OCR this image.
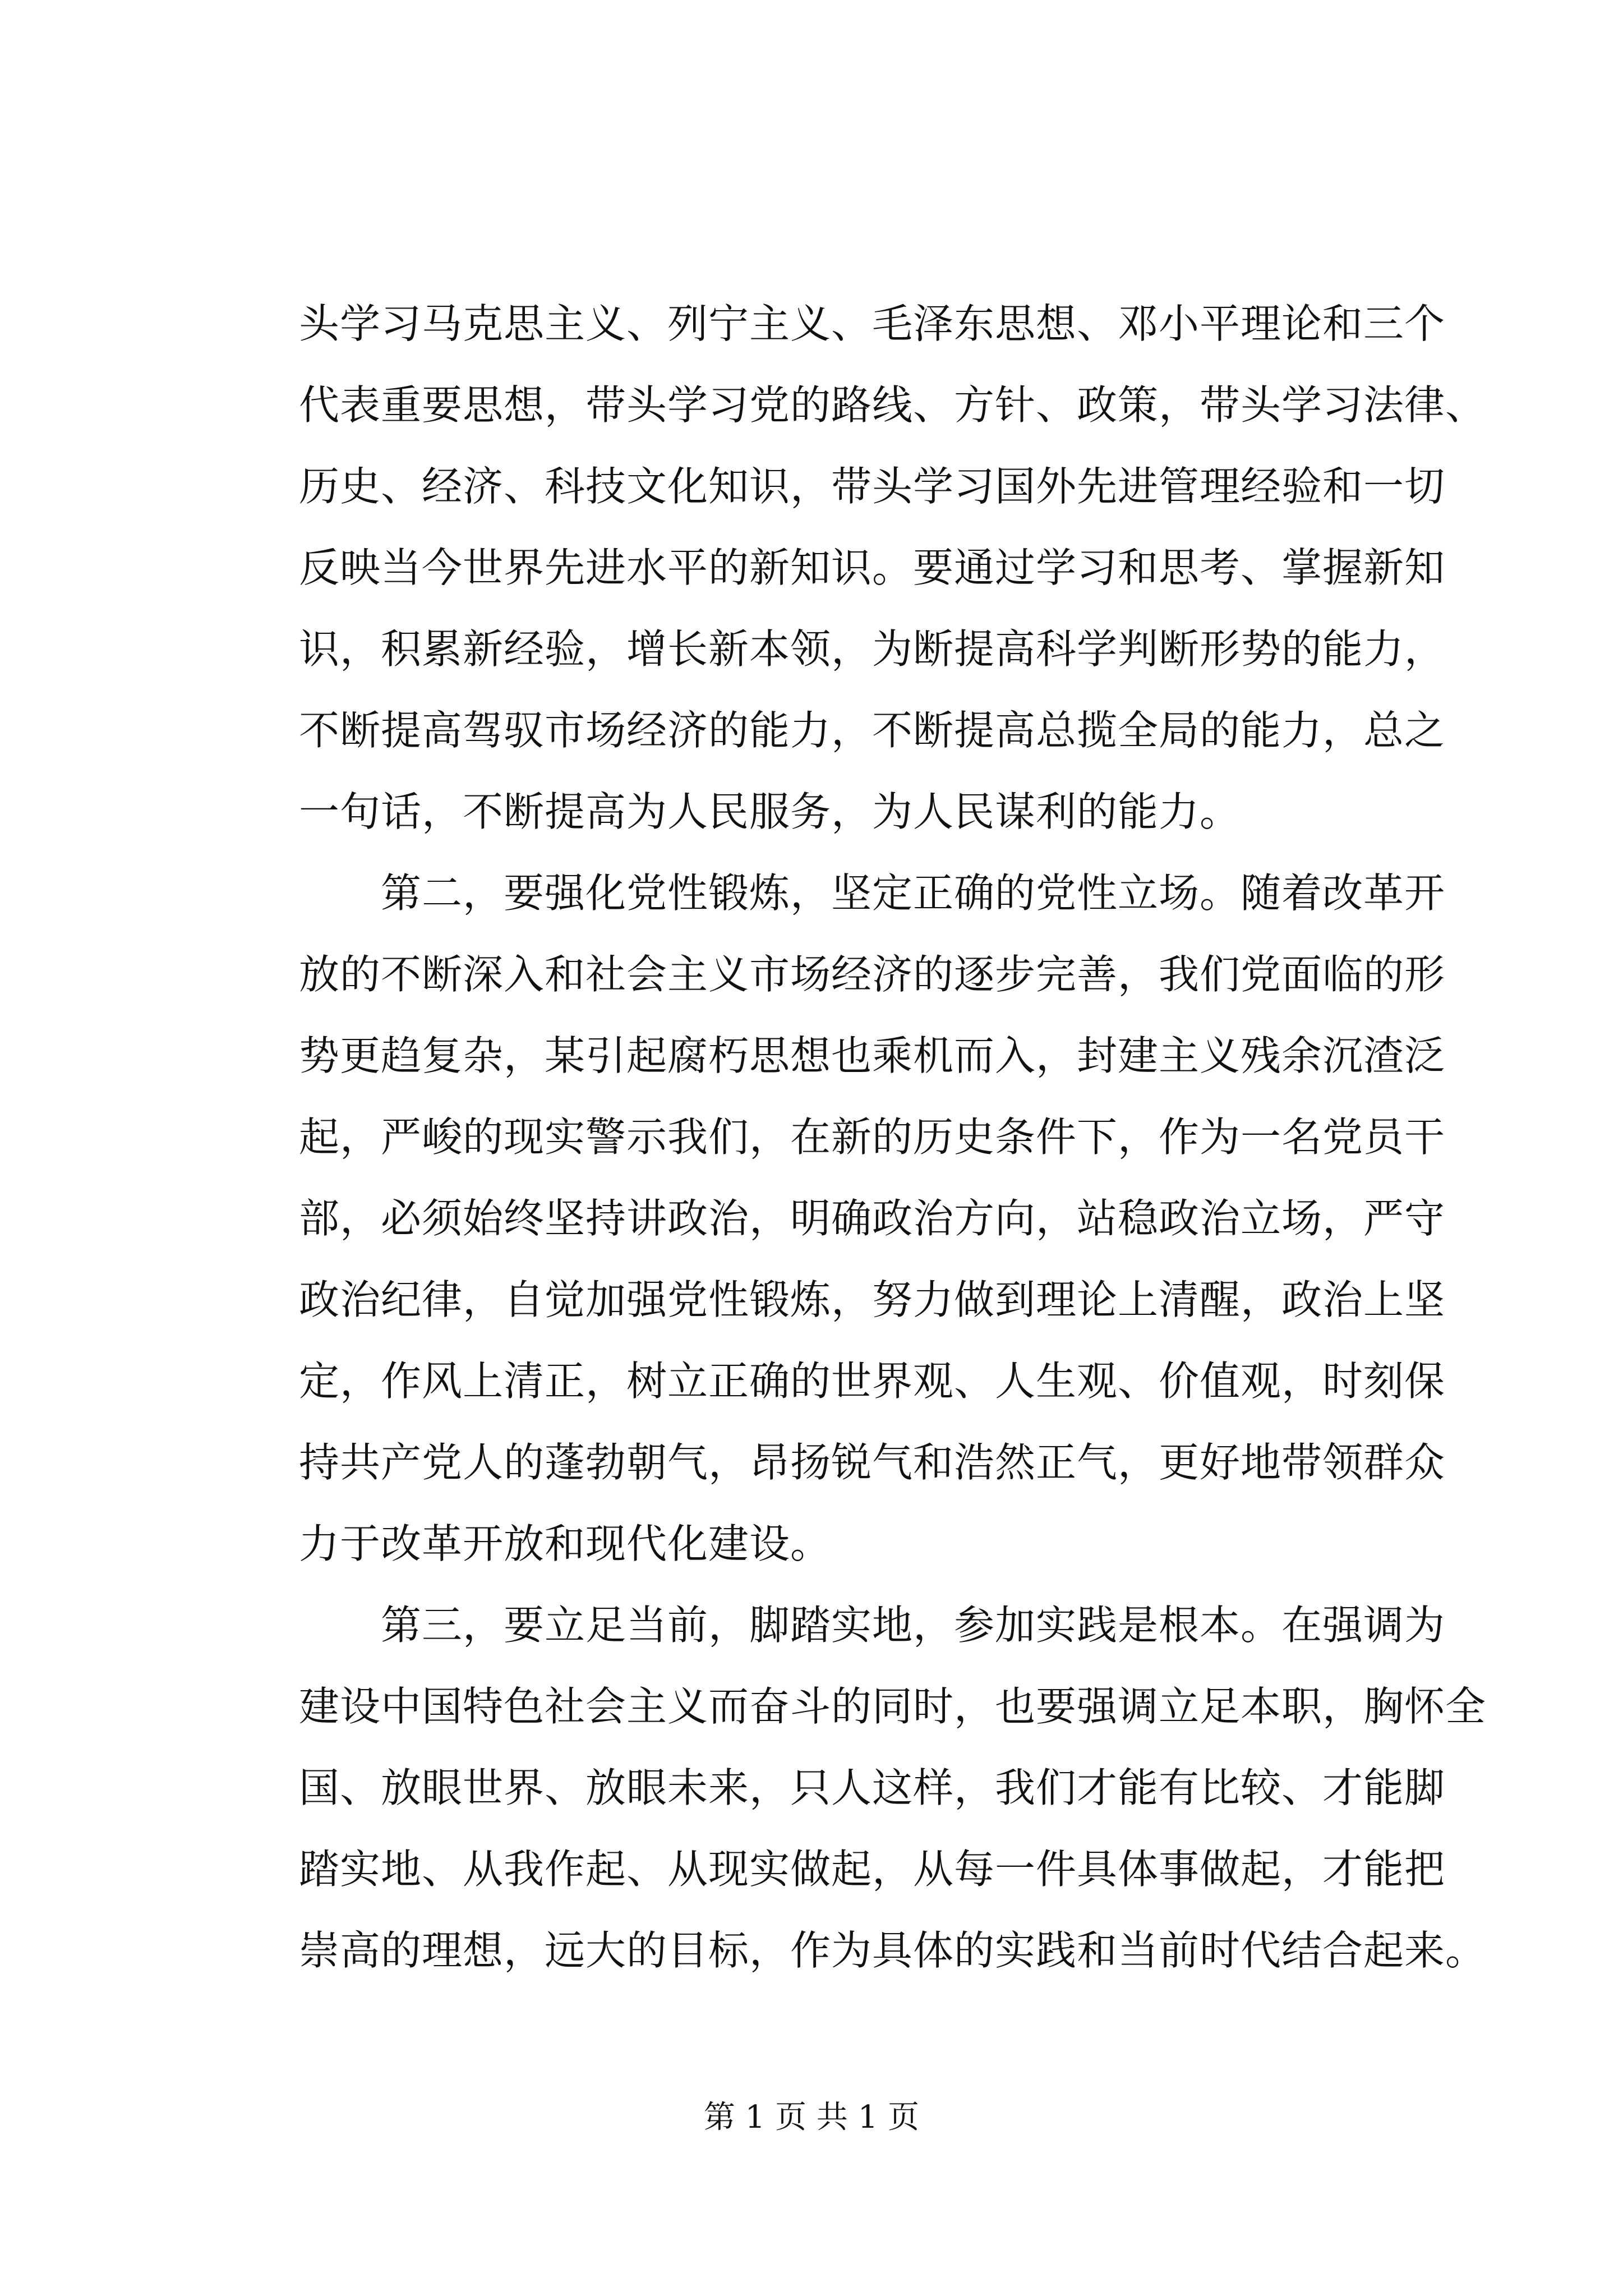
头学习马克思主义、列宁主义、毛泽东思想、邓小平理论和三个
代表重要思想，带头学习党的路线、方针、政策，带头学习法律、
历史、经济、科技文化知识，带头学习国外先进管理经验和一切
反映当今世界先进水平的新知识。要通过学习和思考、掌握新知
识，积累新经验，增长新本领，为断提高科学判断形势的能力，
不断提高驾驭市场经济的能力，不断提高总揽全局的能力，总之
一句话，不断提高为人民服务，为人民谋利的能力。
　　第二，要强化党性锻炼，坚定正确的党性立场。随着改革开
放的不断深入和社会主义市场经济的逐步完善，我们党面临的形
势更趋复杂，某引起腐朽思想也乘机而入，封建主义残余沉渣泛
起，严峻的现实警示我们，在新的历史条件下，作为一名党员干
部，必须始终坚持讲政治，明确政治方向，站稳政治立场，严守
政治纪律，自觉加强党性锻炼，努力做到理论上清醒，政治上坚
定，作风上清正，树立正确的世界观、人生观、价值观，时刻保
持共产党人的蓬勃朝气，昂扬锐气和浩然正气，更好地带领群众
力于改革开放和现代化建设。
　　第三，要立足当前，脚踏实地，参加实践是根本。在强调为
建设中国特色社会主义而奋斗的同时，也要强调立足本职，胸怀全
国、放眼世界、放眼未来，只人这样，我们才能有比较、才能脚
踏实地、从我作起、从现实做起，从每一件具体事做起，才能把
崇高的理想，远大的目标，作为具体的实践和当前时代结合起来。
第 1 页 共 1 页
